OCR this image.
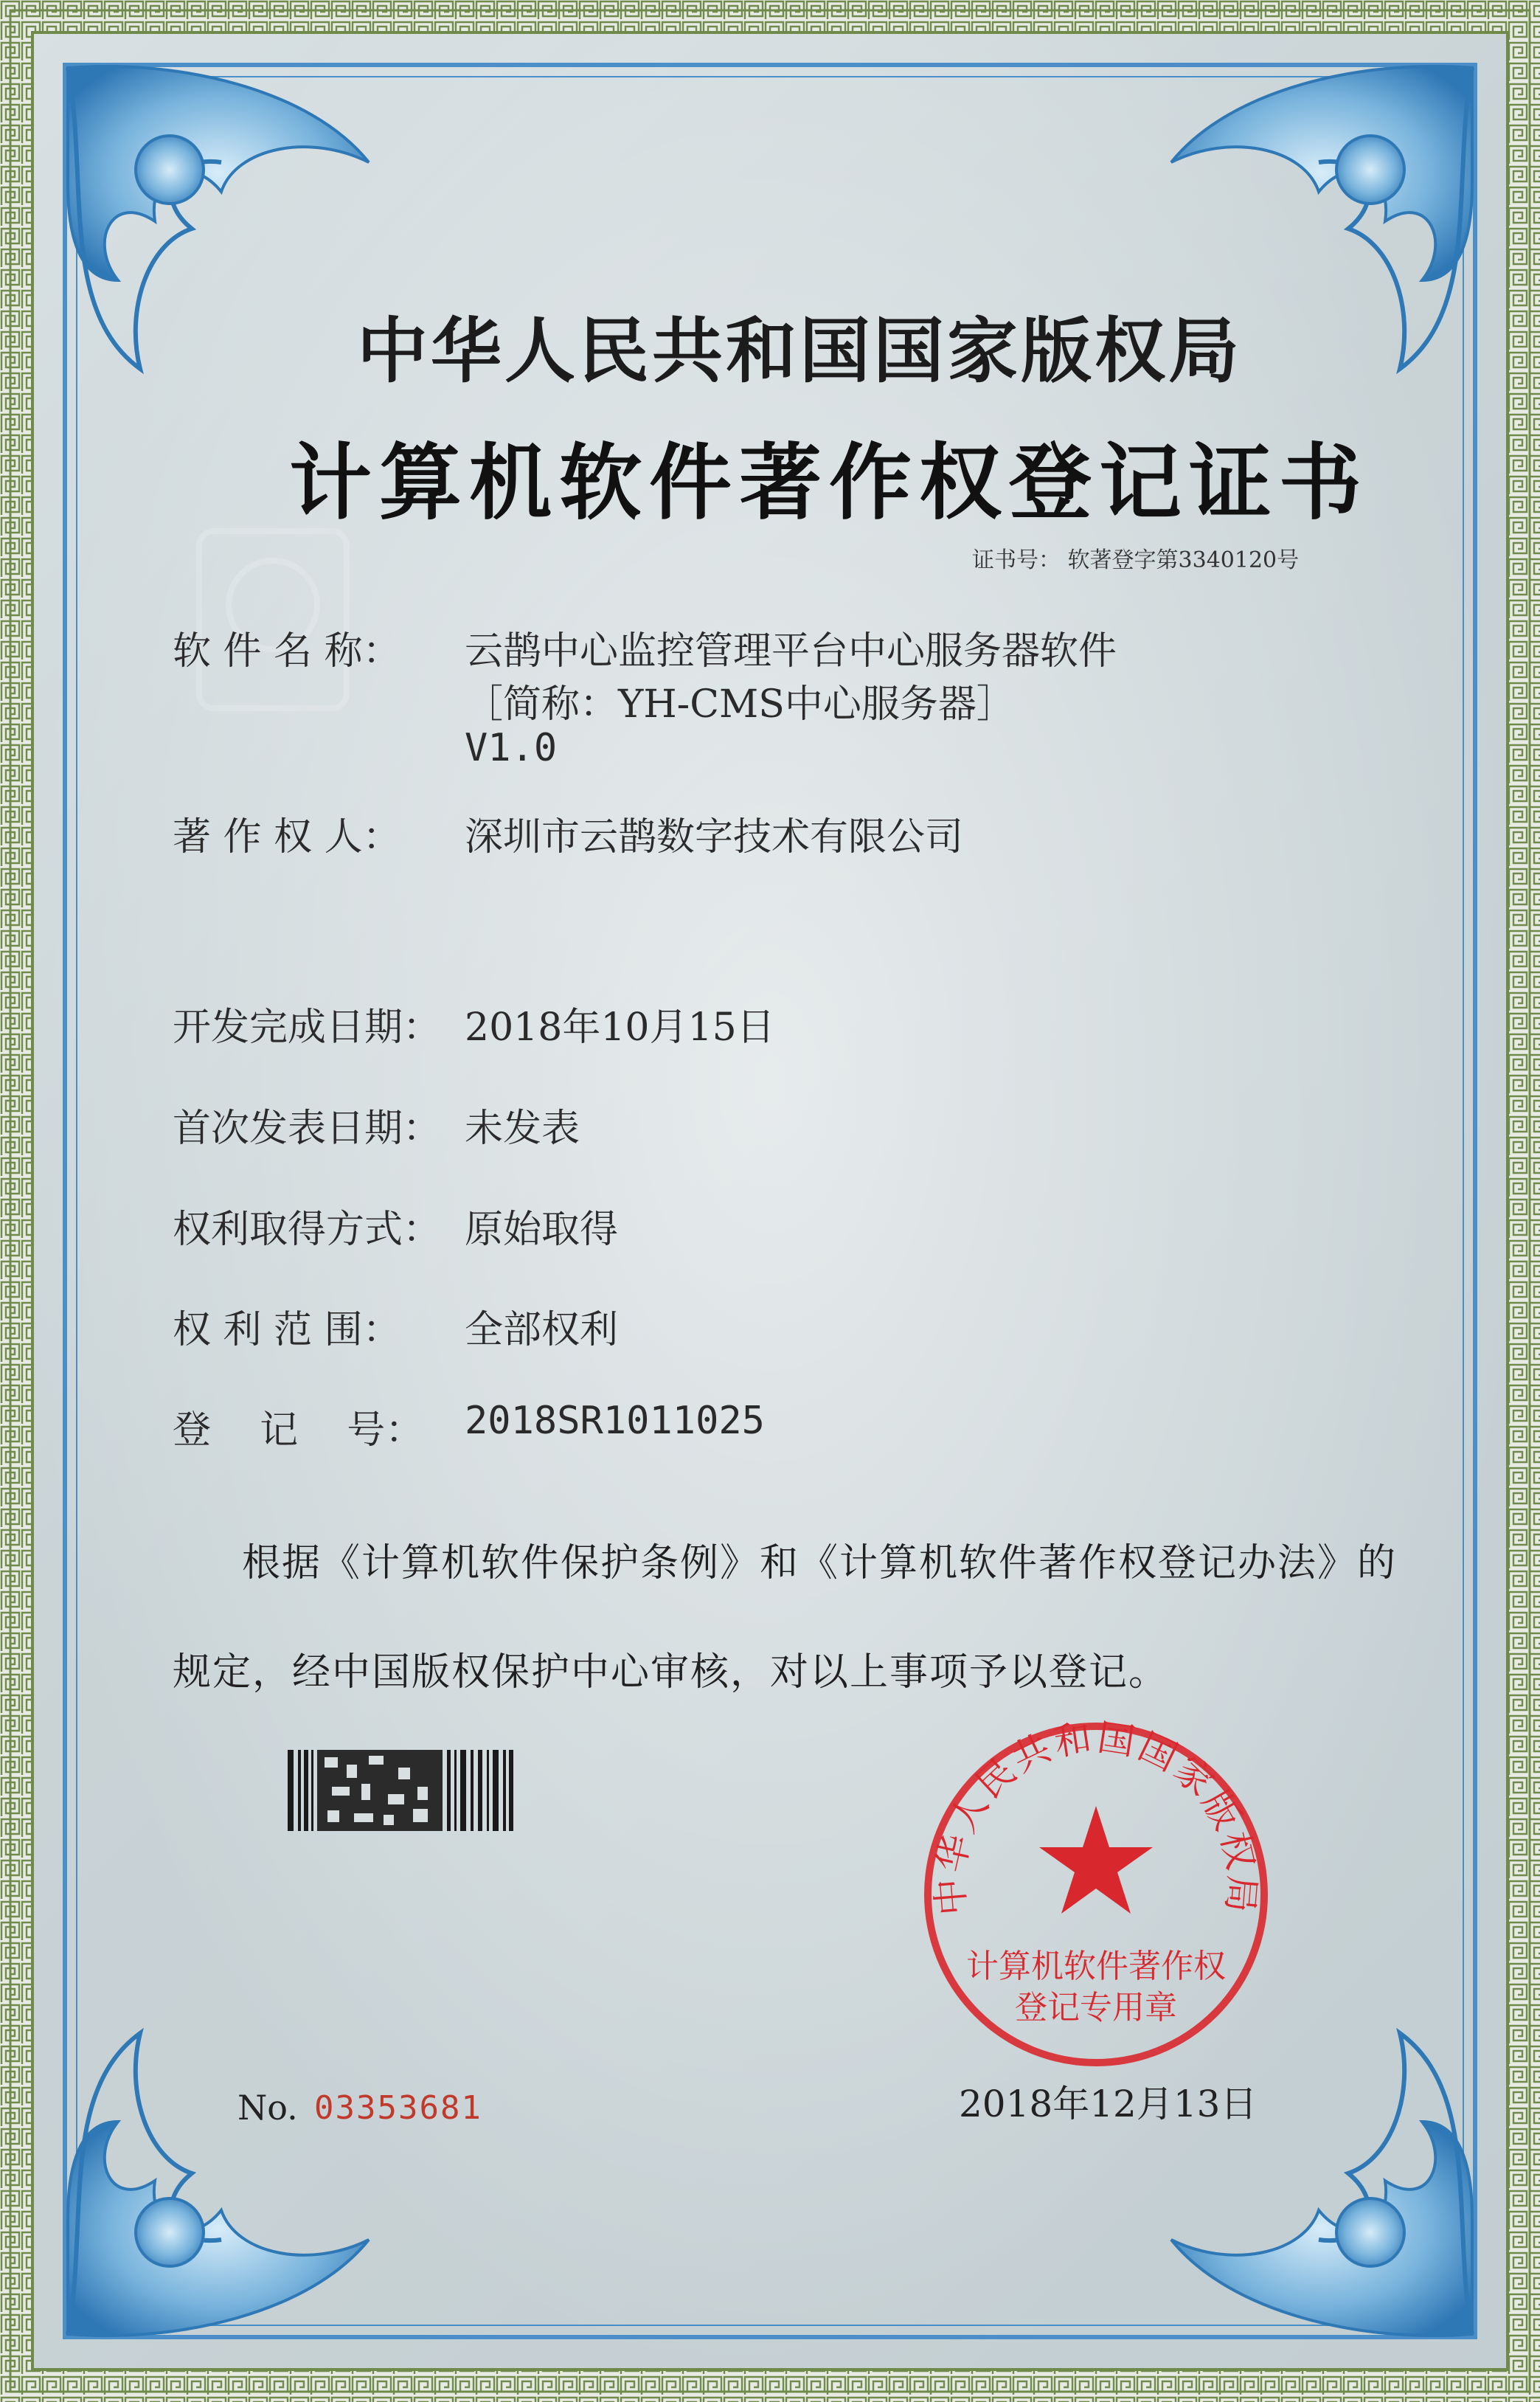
中华人民共和国国家版权局
计算机软件著作权登记证书
证书号： 软著登字第3340120号
软 件 名 称： 云鹊中心监控管理平台中心服务器软件
［简称：YH-CMS中心服务器］
V1.0
著 作 权 人： 深圳市云鹊数字技术有限公司
开发完成日期： 2018年10月15日
首次发表日期： 未发表
权利取得方式： 原始取得
权 利 范 围： 全部权利
登    记    号： 2018SR1011025
根据《计算机软件保护条例》和《计算机软件著作权登记办法》的
规定，经中国版权保护中心审核，对以上事项予以登记。
中华人民共和国国家版权局
计算机软件著作权
登记专用章
No. 03353681	2018年12月13日
